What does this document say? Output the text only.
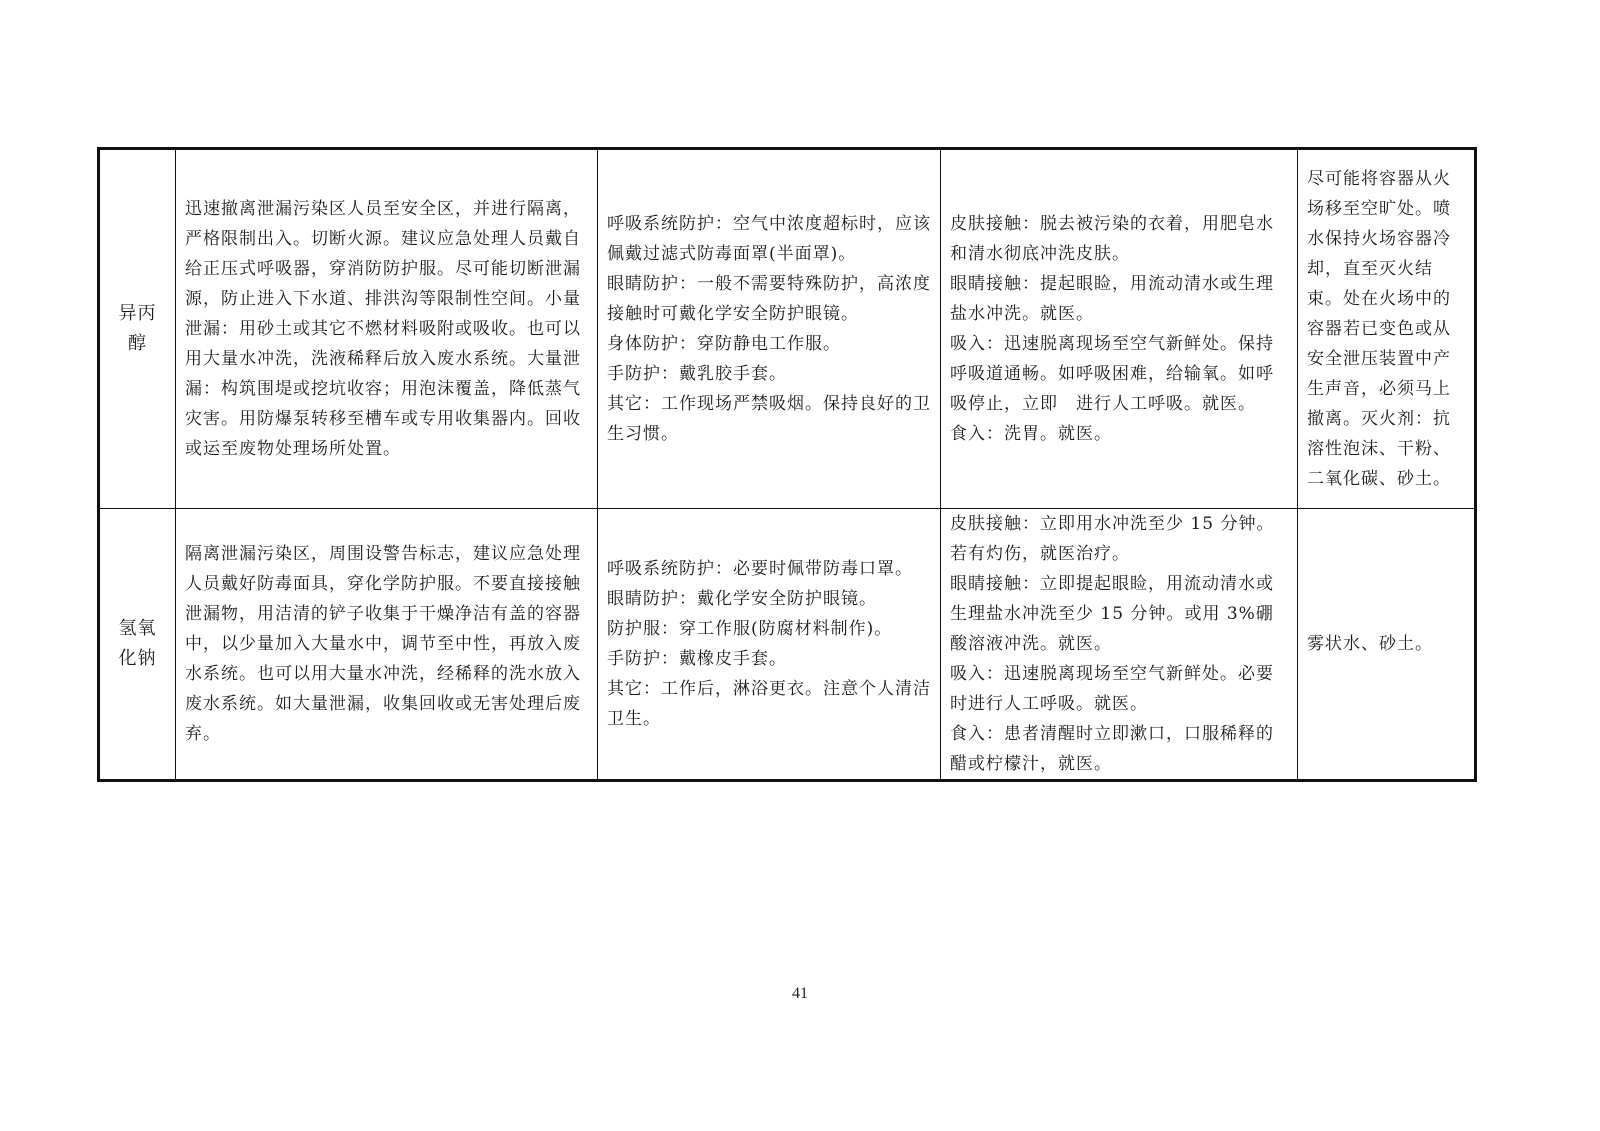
异丙醇	迅速撤离泄漏污染区人员至安全区，并进行隔离，严格限制出入。切断火源。建议应急处理人员戴自给正压式呼吸器，穿消防防护服。尽可能切断泄漏源，防止进入下水道、排洪沟等限制性空间。小量泄漏：用砂土或其它不燃材料吸附或吸收。也可以用大量水冲洗，洗液稀释后放入废水系统。大量泄漏：构筑围堤或挖坑收容；用泡沫覆盖，降低蒸气灾害。用防爆泵转移至槽车或专用收集器内。回收或运至废物处理场所处置。	呼吸系统防护：空气中浓度超标时，应该佩戴过滤式防毒面罩(半面罩)。
眼睛防护：一般不需要特殊防护，高浓度接触时可戴化学安全防护眼镜。
身体防护：穿防静电工作服。
手防护：戴乳胶手套。
其它：工作现场严禁吸烟。保持良好的卫生习惯。	皮肤接触：脱去被污染的衣着，用肥皂水和清水彻底冲洗皮肤。
眼睛接触：提起眼睑，用流动清水或生理盐水冲洗。就医。
吸入：迅速脱离现场至空气新鲜处。保持呼吸道通畅。如呼吸困难，给输氧。如呼吸停止，立即　进行人工呼吸。就医。
食入：洗胃。就医。	尽可能将容器从火场移至空旷处。喷水保持火场容器冷却，直至灭火结束。处在火场中的容器若已变色或从安全泄压装置中产生声音，必须马上撤离。灭火剂：抗溶性泡沫、干粉、二氧化碳、砂土。
氢氧化钠	隔离泄漏污染区，周围设警告标志，建议应急处理人员戴好防毒面具，穿化学防护服。不要直接接触泄漏物，用洁清的铲子收集于干燥净洁有盖的容器中，以少量加入大量水中，调节至中性，再放入废水系统。也可以用大量水冲洗，经稀释的洗水放入废水系统。如大量泄漏，收集回收或无害处理后废弃。	呼吸系统防护：必要时佩带防毒口罩。
眼睛防护：戴化学安全防护眼镜。
防护服：穿工作服(防腐材料制作)。
手防护：戴橡皮手套。
其它：工作后，淋浴更衣。注意个人清洁卫生。	皮肤接触：立即用水冲洗至少 15 分钟。若有灼伤，就医治疗。
眼睛接触：立即提起眼睑，用流动清水或生理盐水冲洗至少 15 分钟。或用 3%硼酸溶液冲洗。就医。
吸入：迅速脱离现场至空气新鲜处。必要时进行人工呼吸。就医。
食入：患者清醒时立即漱口，口服稀释的醋或柠檬汁，就医。	雾状水、砂土。
41
